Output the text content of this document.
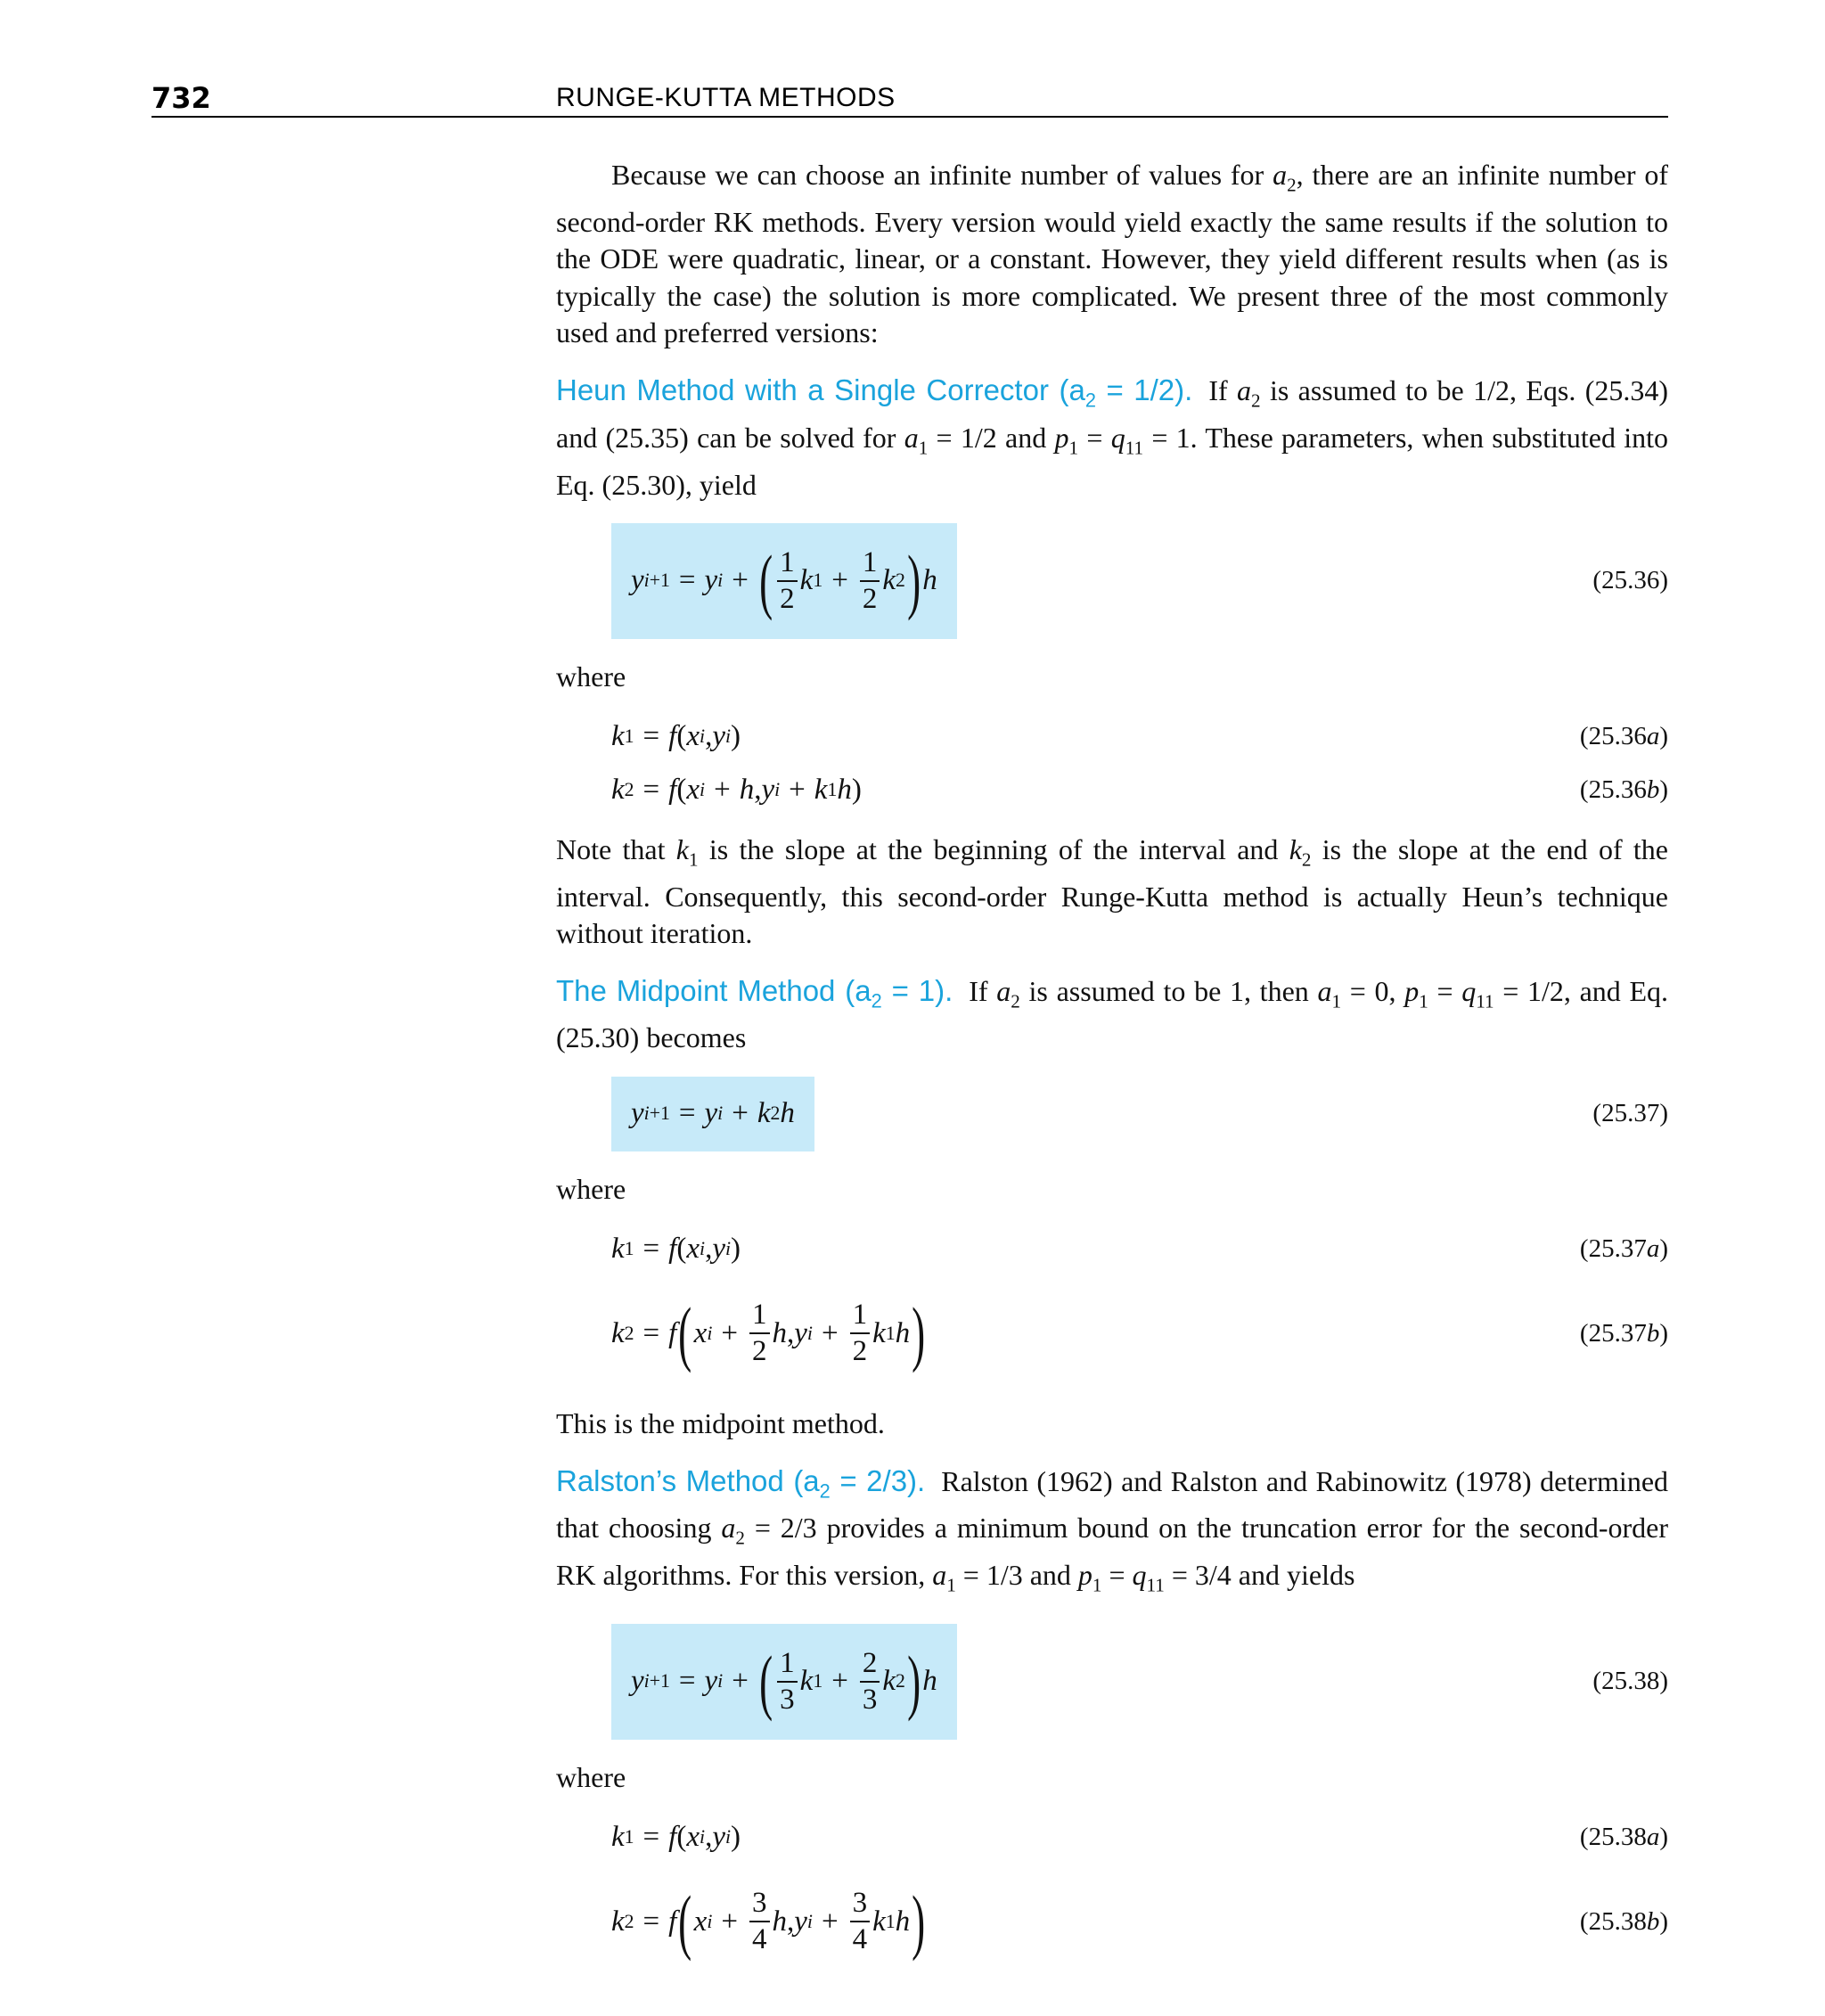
732	RUNGE-KUTTA METHODS

Because we can choose an infinite number of values for $a_2$, there are an infinite number of second-order RK methods. Every version would yield exactly the same results if the solution to the ODE were quadratic, linear, or a constant. However, they yield different results when (as is typically the case) the solution is more complicated. We present three of the most commonly used and preferred versions:

Heun Method with a Single Corrector $(a_2 = 1/2)$. If $a_2$ is assumed to be 1/2, Eqs. (25.34) and (25.35) can be solved for $a_1 = 1/2$ and $p_1 = q_{11} = 1$. These parameters, when substituted into Eq. (25.30), yield

y i +1 = y i + ( $\frac{1}{2}$ k $1 + \frac{1}{2}$ k 2 ) h	(25.36)

where

k 1 = f ( x i , y i )	(25.36 a )
k 2 = f ( x i + h , y i + k 1 h )	(25.36 b )

Note that $k_1$ is the slope at the beginning of the interval and $k_2$ is the slope at the end of the interval. Consequently, this second-order Runge-Kutta method is actually Heun’s technique without iteration.

The Midpoint Method $(a_2 = 1)$. If $a_2$ is assumed to be 1, then $a_1 = 0$, $p_1 = q_{11} = 1/2$, and Eq. (25.30) becomes

y i +1 = y i + k 2 h	(25.37)

where

k 1 = f ( x i , y i )	(25.37 a )
k 2 = f ( x $i + \frac{1}{2}$ h , y $i + \frac{1}{2}$ k 1 h )	(25.37 b )

This is the midpoint method.

Ralston’s Method $(a_2 = 2/3)$. Ralston (1962) and Ralston and Rabinowitz (1978) determined that choosing $a_2 = 2/3$ provides a minimum bound on the truncation error for the second-order RK algorithms. For this version, $a_1 = 1/3$ and $p_1 = q_{11} = 3/4$ and yields

y i +1 = y i + ( $\frac{1}{3}$ k $1 + \frac{2}{3}$ k 2 ) h	(25.38)

where

k 1 = f ( x i , y i )	(25.38 a )
k 2 = f ( x $i + \frac{3}{4}$ h , y $i + \frac{3}{4}$ k 1 h )	(25.38 b )
